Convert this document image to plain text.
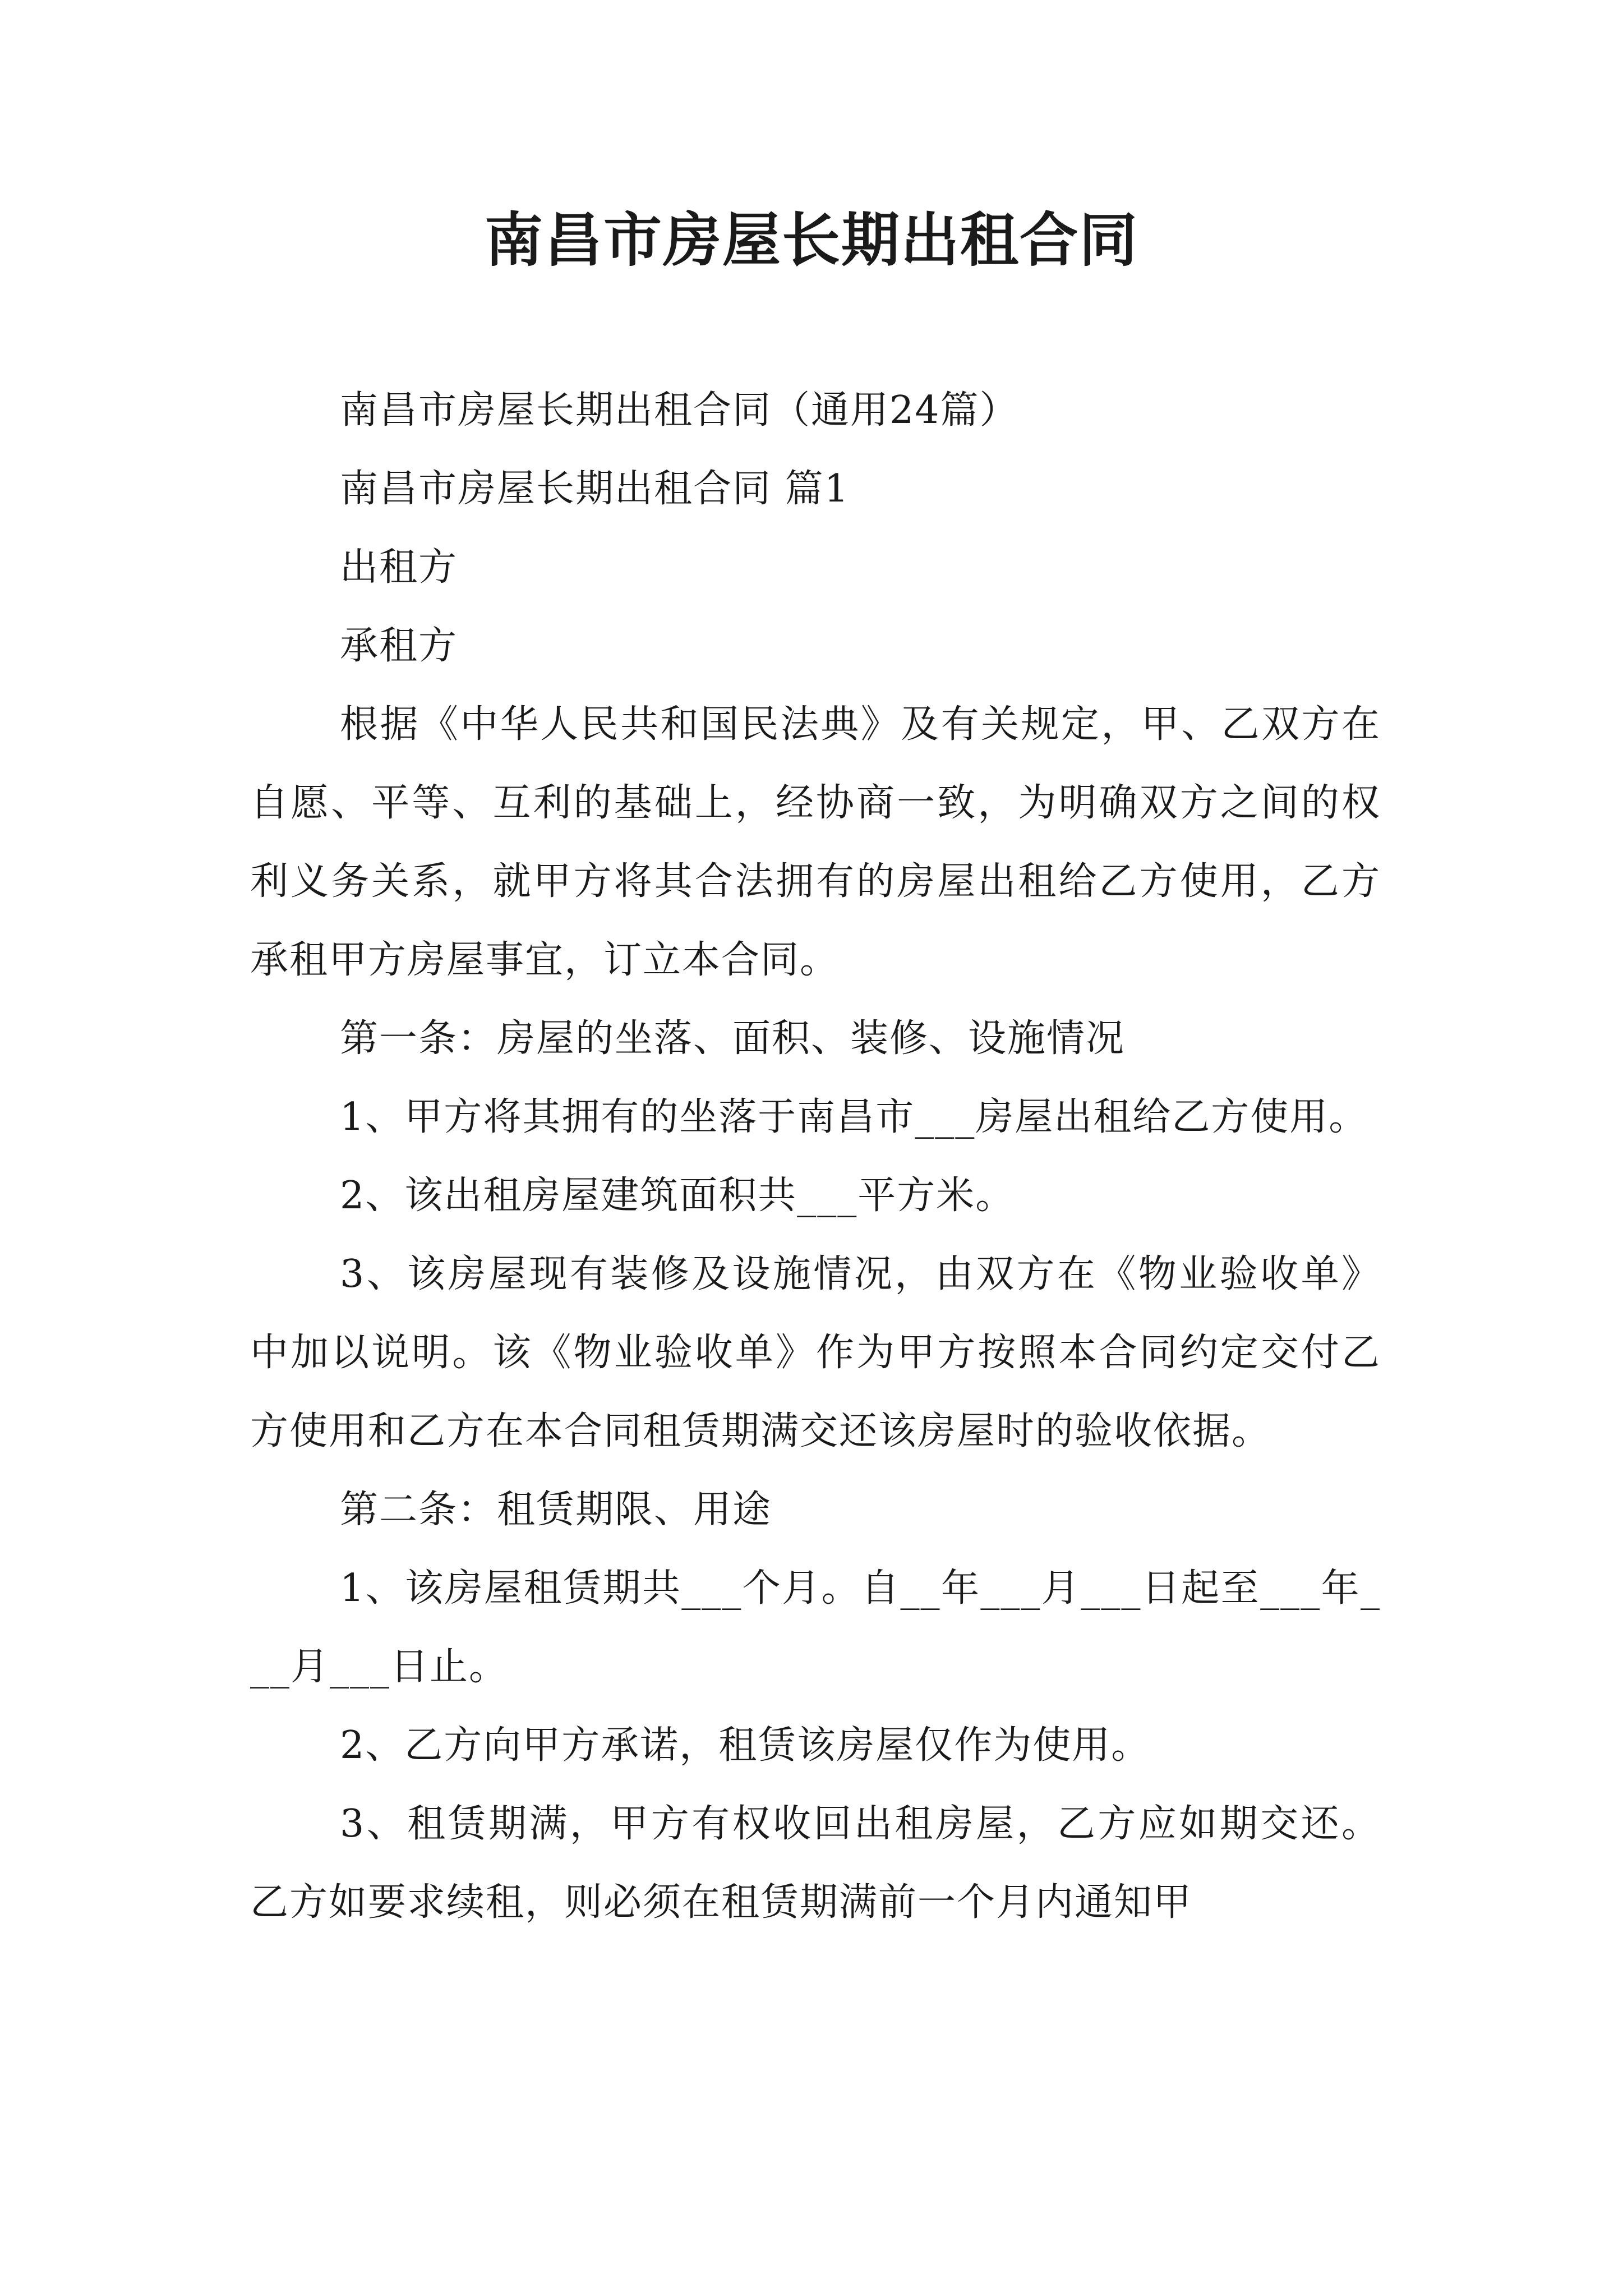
南昌市房屋长期出租合同

南昌市房屋长期出租合同（通用24篇）

南昌市房屋长期出租合同 篇1

出租方

承租方

根据《中华人民共和国民法典》及有关规定，甲、乙双方在自愿、平等、互利的基础上，经协商一致，为明确双方之间的权利义务关系，就甲方将其合法拥有的房屋出租给乙方使用，乙方承租甲方房屋事宜，订立本合同。

第一条：房屋的坐落、面积、装修、设施情况

1、甲方将其拥有的坐落于南昌市___房屋出租给乙方使用。

2、该出租房屋建筑面积共___平方米。

3、该房屋现有装修及设施情况，由双方在《物业验收单》中加以说明。该《物业验收单》作为甲方按照本合同约定交付乙方使用和乙方在本合同租赁期满交还该房屋时的验收依据。

第二条：租赁期限、用途

1、该房屋租赁期共___个月。自__年___月___日起至___年___月___日止。

2、乙方向甲方承诺，租赁该房屋仅作为使用。

3、租赁期满，甲方有权收回出租房屋，乙方应如期交还。乙方如要求续租，则必须在租赁期满前一个月内通知甲
